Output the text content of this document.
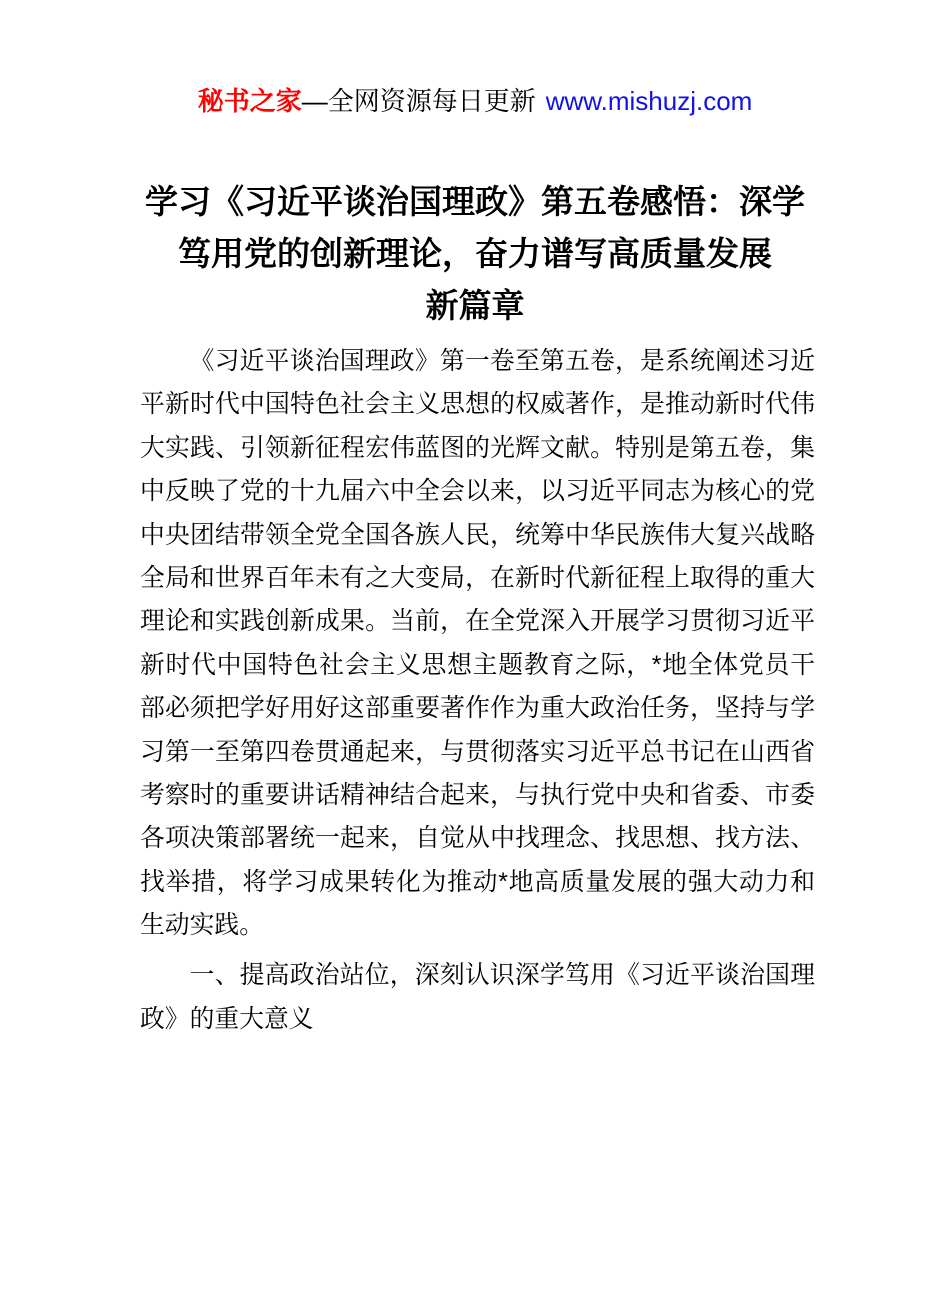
秘书之家—全网资源每日更新 www.mishuzj.com
学习《习近平谈治国理政》第五卷感悟：深学
笃用党的创新理论，奋力谱写高质量发展
新篇章
《习近平谈治国理政》第一卷至第五卷，是系统阐述习近
平新时代中国特色社会主义思想的权威著作，是推动新时代伟
大实践、引领新征程宏伟蓝图的光辉文献。特别是第五卷，集
中反映了党的十九届六中全会以来，以习近平同志为核心的党
中央团结带领全党全国各族人民，统筹中华民族伟大复兴战略
全局和世界百年未有之大变局，在新时代新征程上取得的重大
理论和实践创新成果。当前，在全党深入开展学习贯彻习近平
新时代中国特色社会主义思想主题教育之际，*地全体党员干
部必须把学好用好这部重要著作作为重大政治任务，坚持与学
习第一至第四卷贯通起来，与贯彻落实习近平总书记在山西省
考察时的重要讲话精神结合起来，与执行党中央和省委、市委
各项决策部署统一起来，自觉从中找理念、找思想、找方法、
找举措，将学习成果转化为推动*地高质量发展的强大动力和
生动实践。
一、提高政治站位，深刻认识深学笃用《习近平谈治国理
政》的重大意义
